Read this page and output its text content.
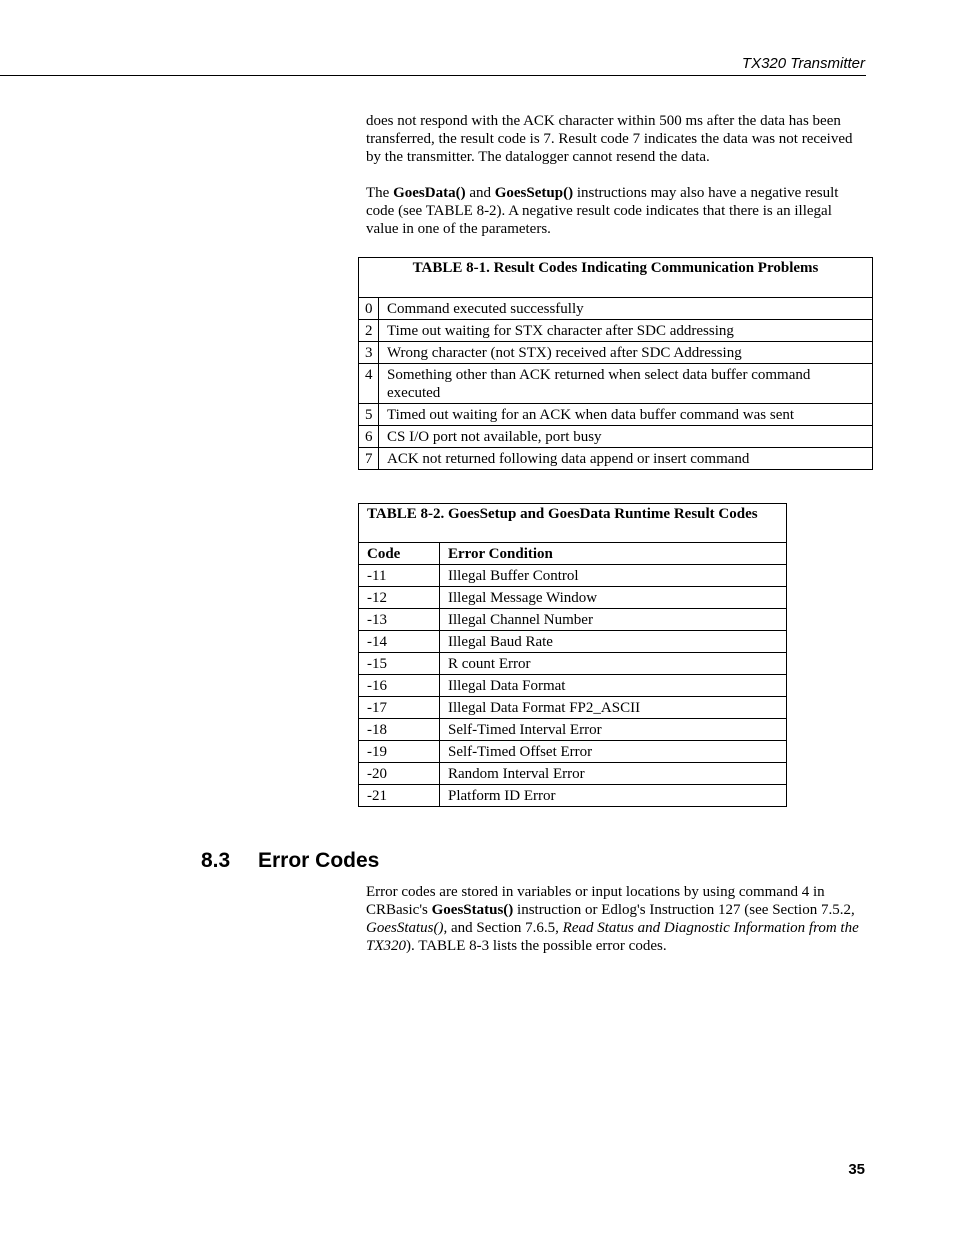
TX320 Transmitter

does not respond with the ACK character within 500 ms after the data has been transferred, the result code is 7. Result code 7 indicates the data was not received by the transmitter. The datalogger cannot resend the data.

The GoesData() and GoesSetup() instructions may also have a negative result code (see TABLE 8-2). A negative result code indicates that there is an illegal value in one of the parameters.

TABLE 8-1. Result Codes Indicating Communication Problems	
0	Command executed successfully
2	Time out waiting for STX character after SDC addressing
3	Wrong character (not STX) received after SDC Addressing
4	Something other than ACK returned when select data buffer command executed
5	Timed out waiting for an ACK when data buffer command was sent
6	CS I/O port not available, port busy
7	ACK not returned following data append or insert command
TABLE 8-2. GoesSetup and GoesData Runtime Result Codes	
Code	Error Condition
-11	Illegal Buffer Control
-12	Illegal Message Window
-13	Illegal Channel Number
-14	Illegal Baud Rate
-15	R count Error
-16	Illegal Data Format
-17	Illegal Data Format FP2_ASCII
-18	Self-Timed Interval Error
-19	Self-Timed Offset Error
-20	Random Interval Error
-21	Platform ID Error
8.3 Error Codes

Error codes are stored in variables or input locations by using command 4 in CRBasic's GoesStatus() instruction or Edlog's Instruction 127 (see Section 7.5.2, GoesStatus(), and Section 7.6.5, Read Status and Diagnostic Information from the TX320). TABLE 8-3 lists the possible error codes.

35
